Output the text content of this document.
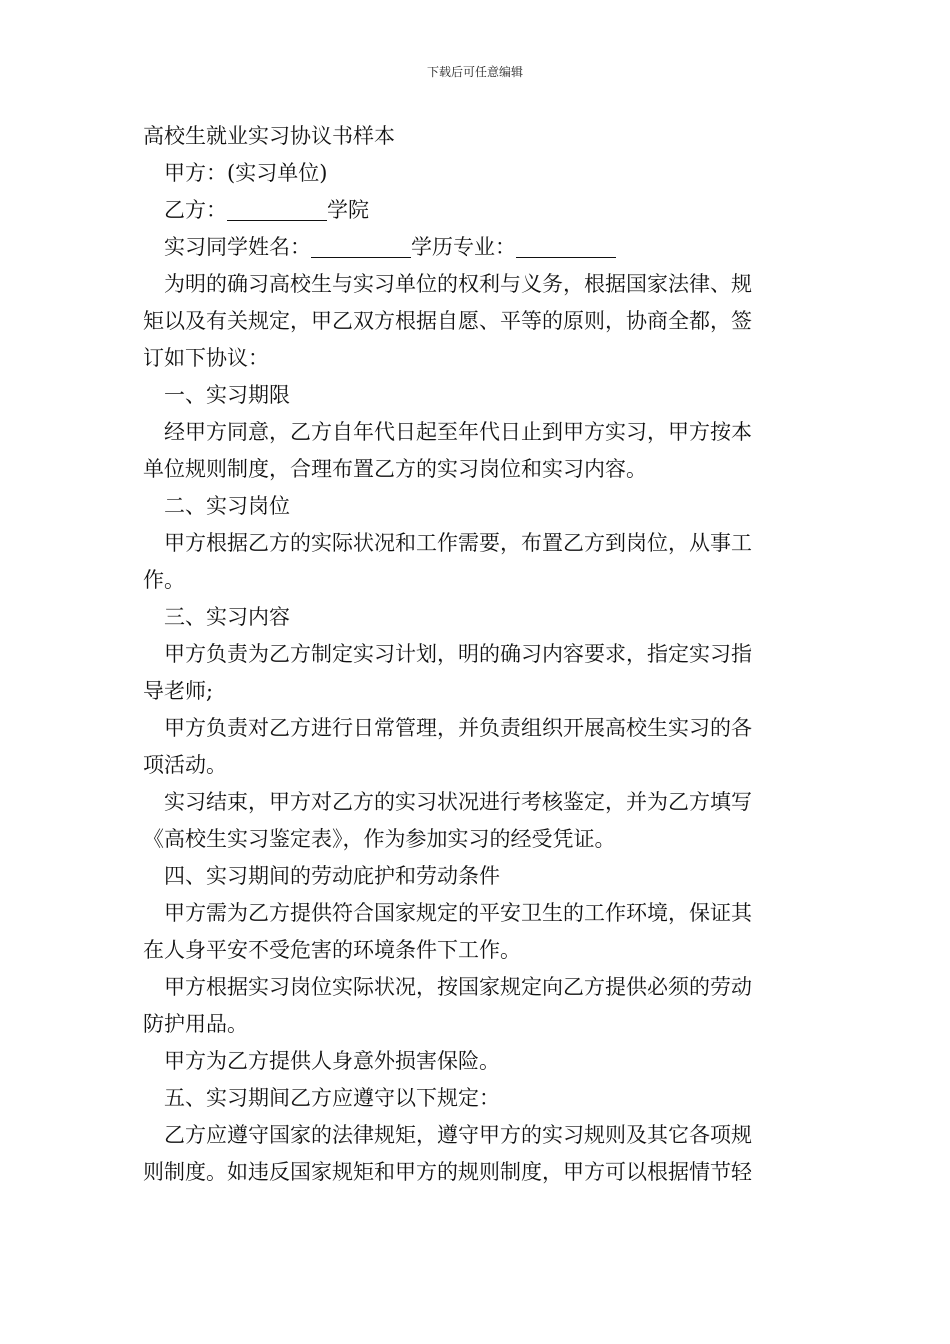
下载后可任意编辑
高校生就业实习协议书样本
甲方：(实习单位)
乙方：	学院
实习同学姓名：	学历专业：
为明的确习高校生与实习单位的权利与义务，根据国家法律、规
矩以及有关规定，甲乙双方根据自愿、平等的原则，协商全都，签
订如下协议：
一、实习期限
经甲方同意，乙方自年代日起至年代日止到甲方实习，甲方按本
单位规则制度，合理布置乙方的实习岗位和实习内容。
二、实习岗位
甲方根据乙方的实际状况和工作需要，布置乙方到岗位，从事工
作。
三、实习内容
甲方负责为乙方制定实习计划，明的确习内容要求，指定实习指
导老师;
甲方负责对乙方进行日常管理，并负责组织开展高校生实习的各
项活动。
实习结束，甲方对乙方的实习状况进行考核鉴定，并为乙方填写
《高校生实习鉴定表》，作为参加实习的经受凭证。
四、实习期间的劳动庇护和劳动条件
甲方需为乙方提供符合国家规定的平安卫生的工作环境，保证其
在人身平安不受危害的环境条件下工作。
甲方根据实习岗位实际状况，按国家规定向乙方提供必须的劳动
防护用品。
甲方为乙方提供人身意外损害保险。
五、实习期间乙方应遵守以下规定：
乙方应遵守国家的法律规矩，遵守甲方的实习规则及其它各项规
则制度。如违反国家规矩和甲方的规则制度，甲方可以根据情节轻
